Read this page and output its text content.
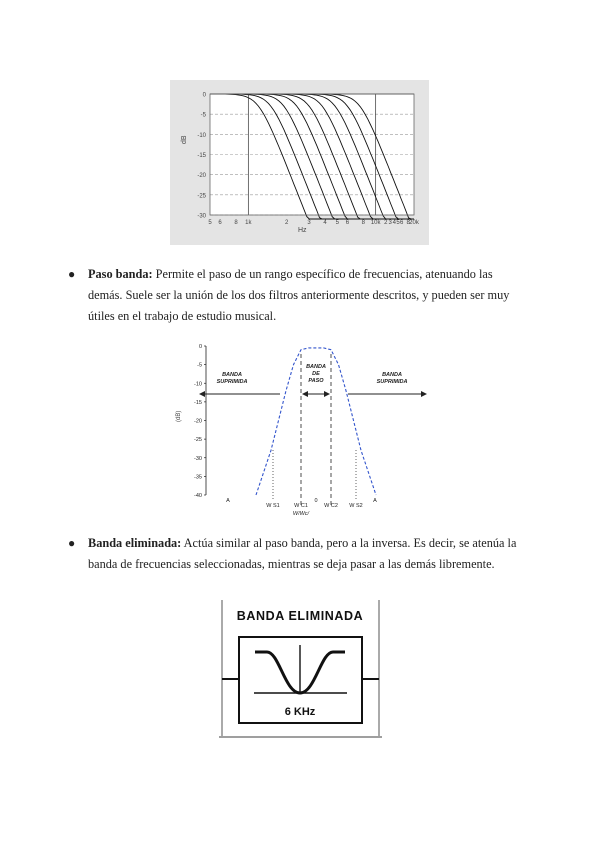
dB
Hz
0
-5
-10
-15
-20
-25
-30
5 6 8 1k	2	3 4 5 6 8 10k 2 3 4 5 6 8 20k
● Paso banda: Permite el paso de un rango específico de frecuencias, atenuando las demás. Suele ser la unión de los dos filtros anteriormente descritos, y pueden ser muy útiles en el trabajo de estudio musical.
(dB)
BANDA
SUPRIMIDA
BANDA
DE
PASO
BANDA
SUPRIMIDA
A
W S1	W C1
0
W C2 W S2
A
W/Wc/
0
-5
-10
-15
-20
-25
-30
-35
-40
● Banda eliminada: Actúa similar al paso banda, pero a la inversa. Es decir, se atenúa la banda de frecuencias seleccionadas, mientras se deja pasar a las demás libremente.
BANDA ELIMINADA
6 KHz
